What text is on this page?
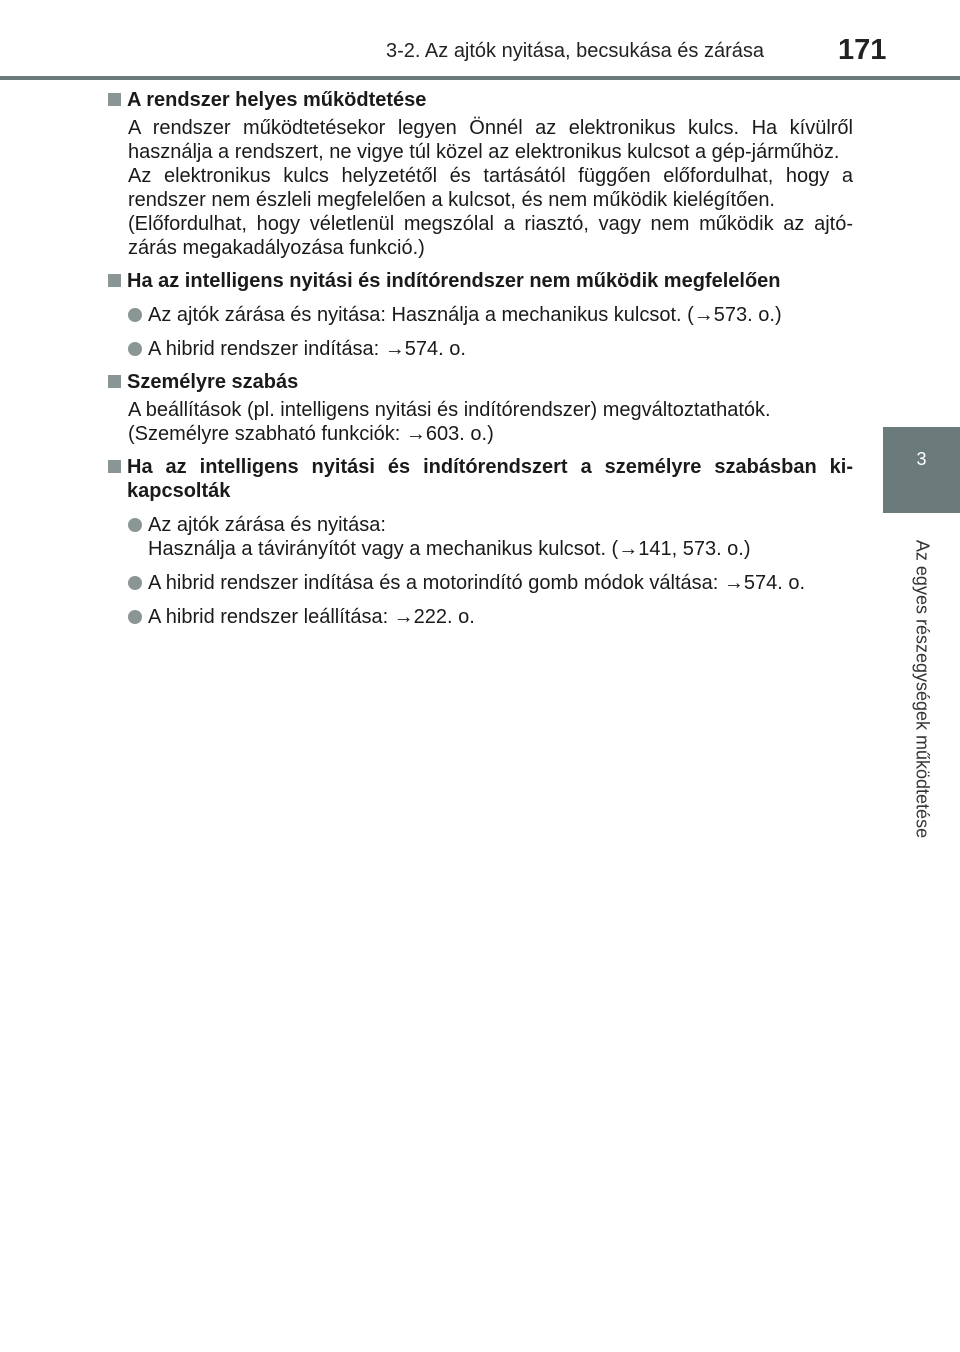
3-2. Az ajtók nyitása, becsukása és zárása	171
3
Az egyes részegységek működtetése
A rendszer helyes működtetése
A rendszer működtetésekor legyen Önnél az elektronikus kulcs. Ha kívülről használja a rendszert, ne vigye túl közel az elektronikus kulcsot a gép-járműhöz.
Az elektronikus kulcs helyzetétől és tartásától függően előfordulhat, hogy a rendszer nem észleli megfelelően a kulcsot, és nem működik kielégítően.
(Előfordulhat, hogy véletlenül megszólal a riasztó, vagy nem működik az ajtó-zárás megakadályozása funkció.)
Ha az intelligens nyitási és indítórendszer nem működik megfelelően
Az ajtók zárása és nyitása: Használja a mechanikus kulcsot. (→573. o.)
A hibrid rendszer indítása: →574. o.
Személyre szabás
A beállítások (pl. intelligens nyitási és indítórendszer) megváltoztathatók.
(Személyre szabható funkciók: →603. o.)
Ha az intelligens nyitási és indítórendszert a személyre szabásban ki-kapcsolták
Az ajtók zárása és nyitása:
Használja a távirányítót vagy a mechanikus kulcsot. (→141, 573. o.)
A hibrid rendszer indítása és a motorindító gomb módok váltása: →574. o.
A hibrid rendszer leállítása: →222. o.
